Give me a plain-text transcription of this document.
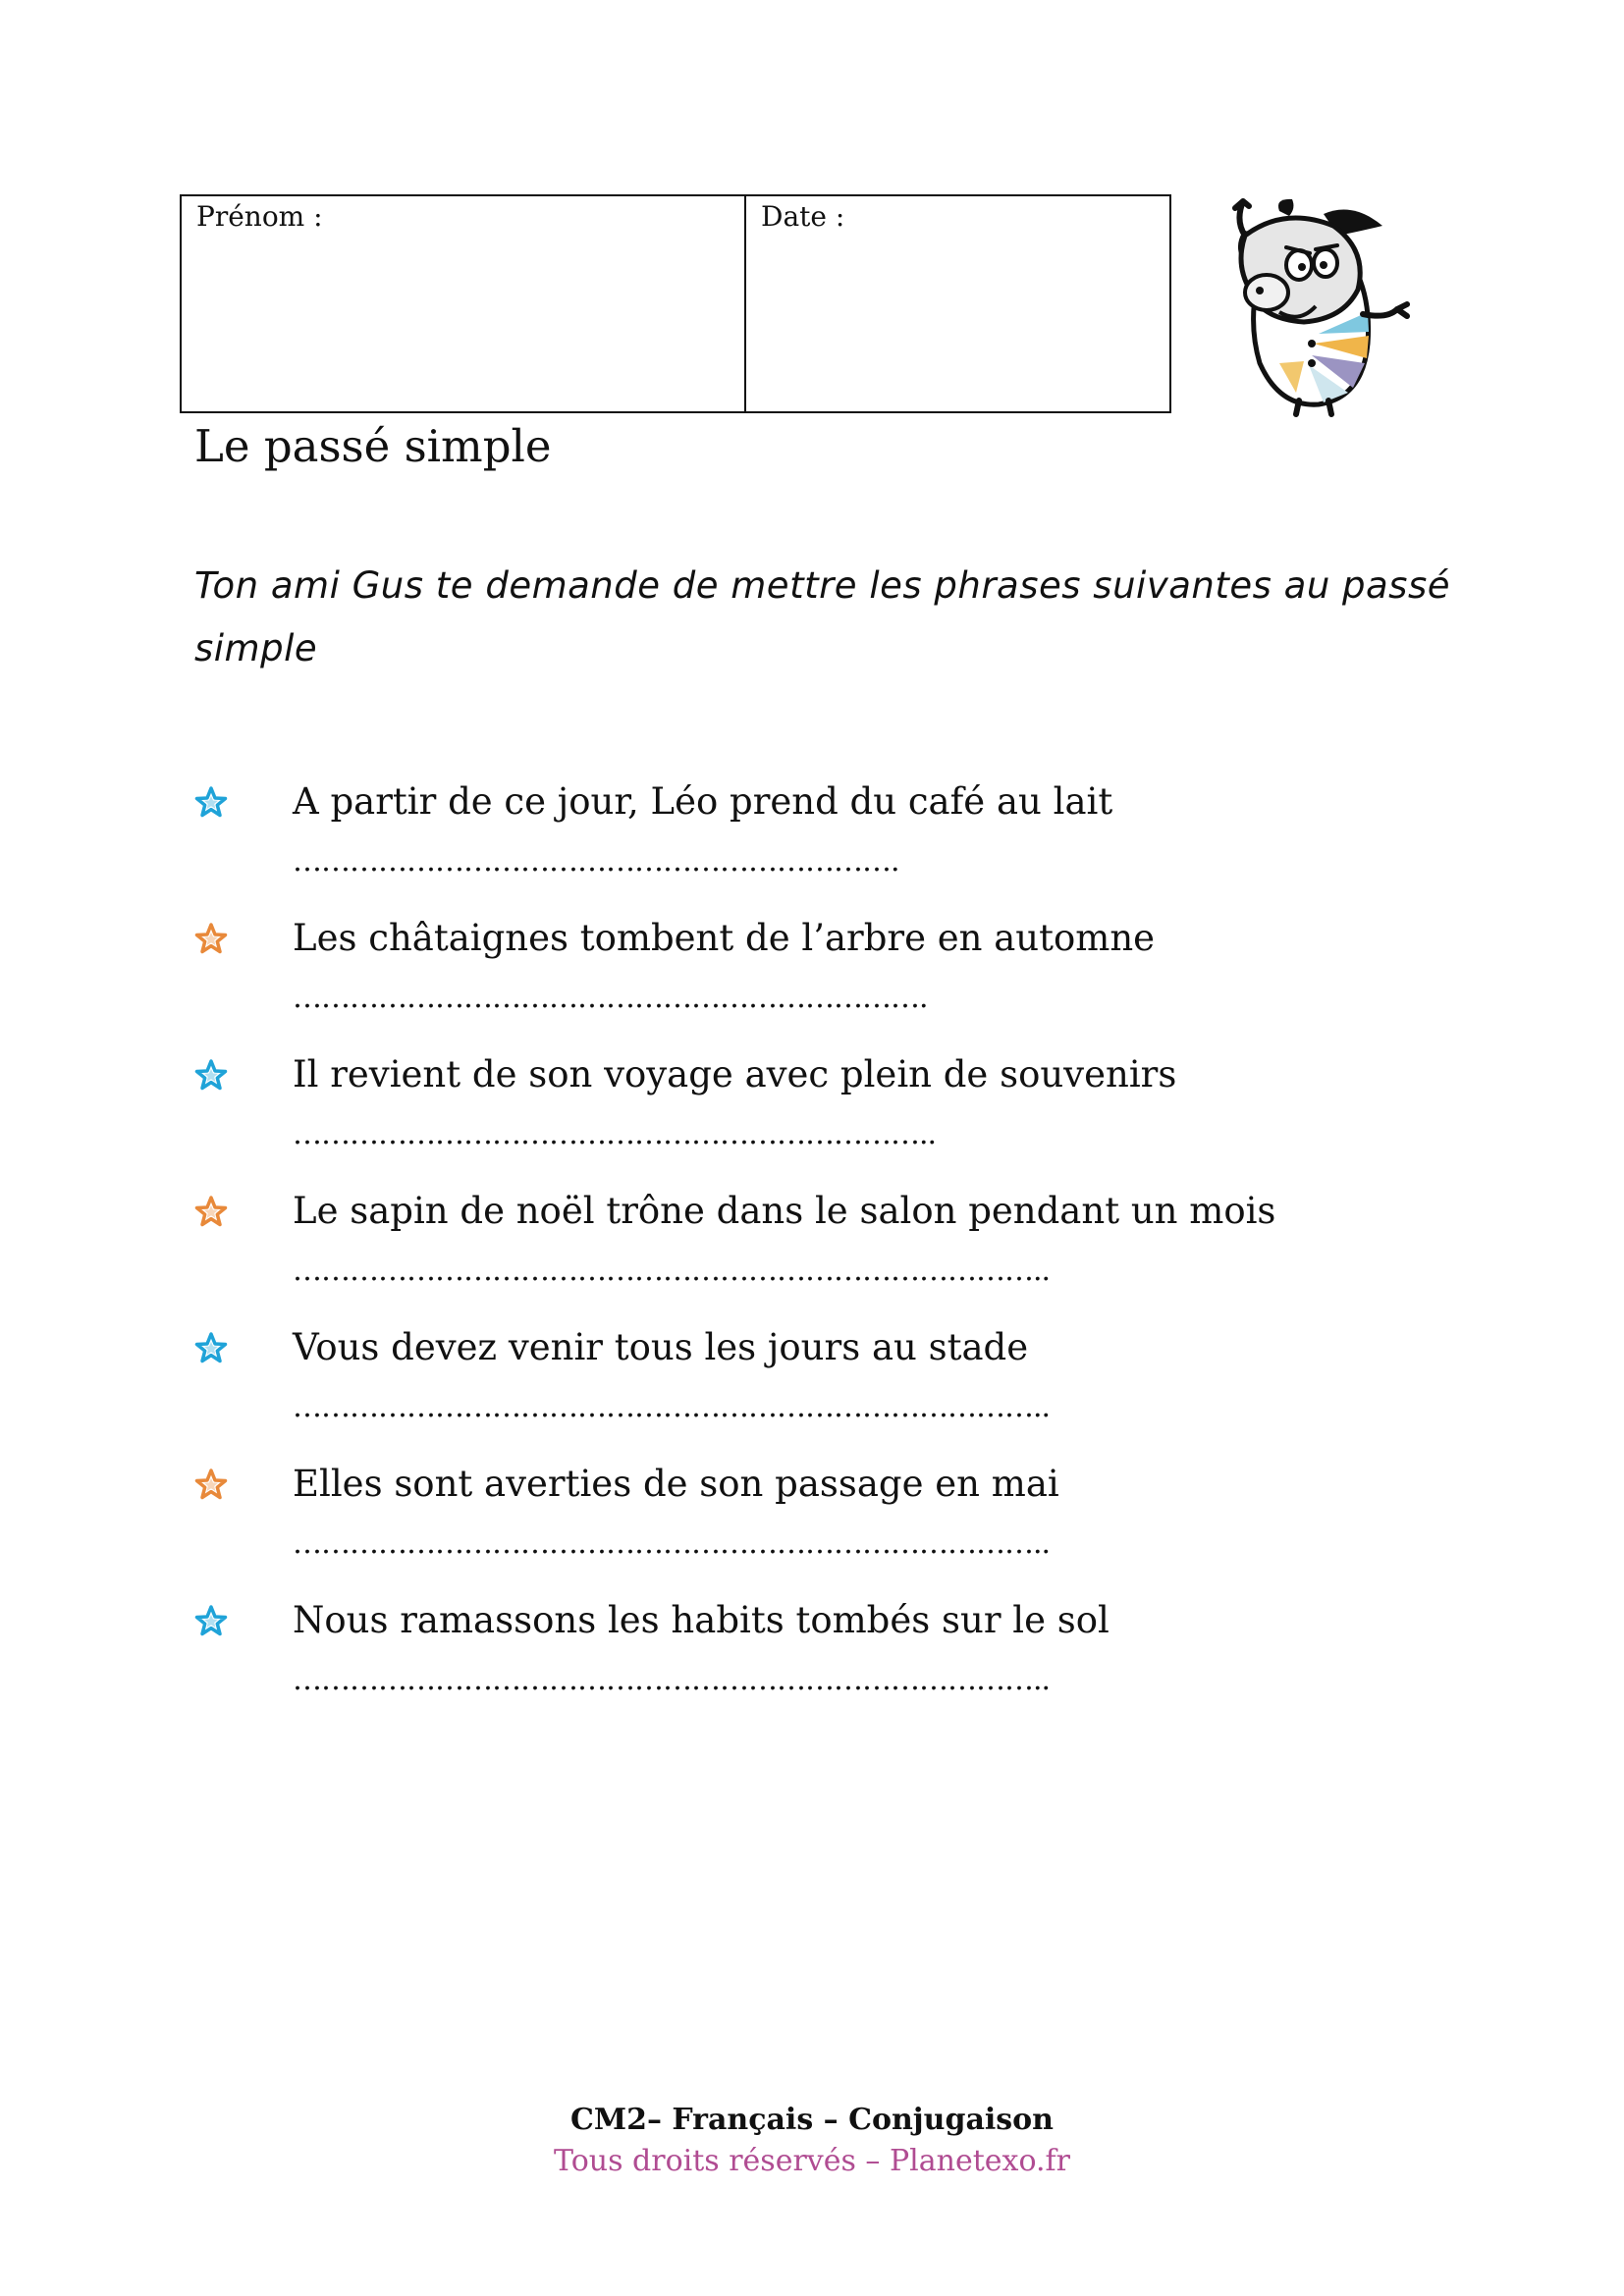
Prénom :	Date :
Le passé simple

Ton ami Gus te demande de mettre les phrases suivantes au passé simple

A partir de ce jour, Léo prend du café au lait
……………………………………………………….
Les châtaignes tombent de l’arbre en automne
………………………………………………………….
Il revient de son voyage avec plein de souvenirs
…………………………………………………………..
Le sapin de noël trône dans le salon pendant un mois
……………………………………………………………………..
Vous devez venir tous les jours au stade
……………………………………………………………………..
Elles sont averties de son passage en mai
……………………………………………………………………..
Nous ramassons les habits tombés sur le sol
……………………………………………………………………..
CM2– Français – Conjugaison
Tous droits réservés – Planetexo.fr
